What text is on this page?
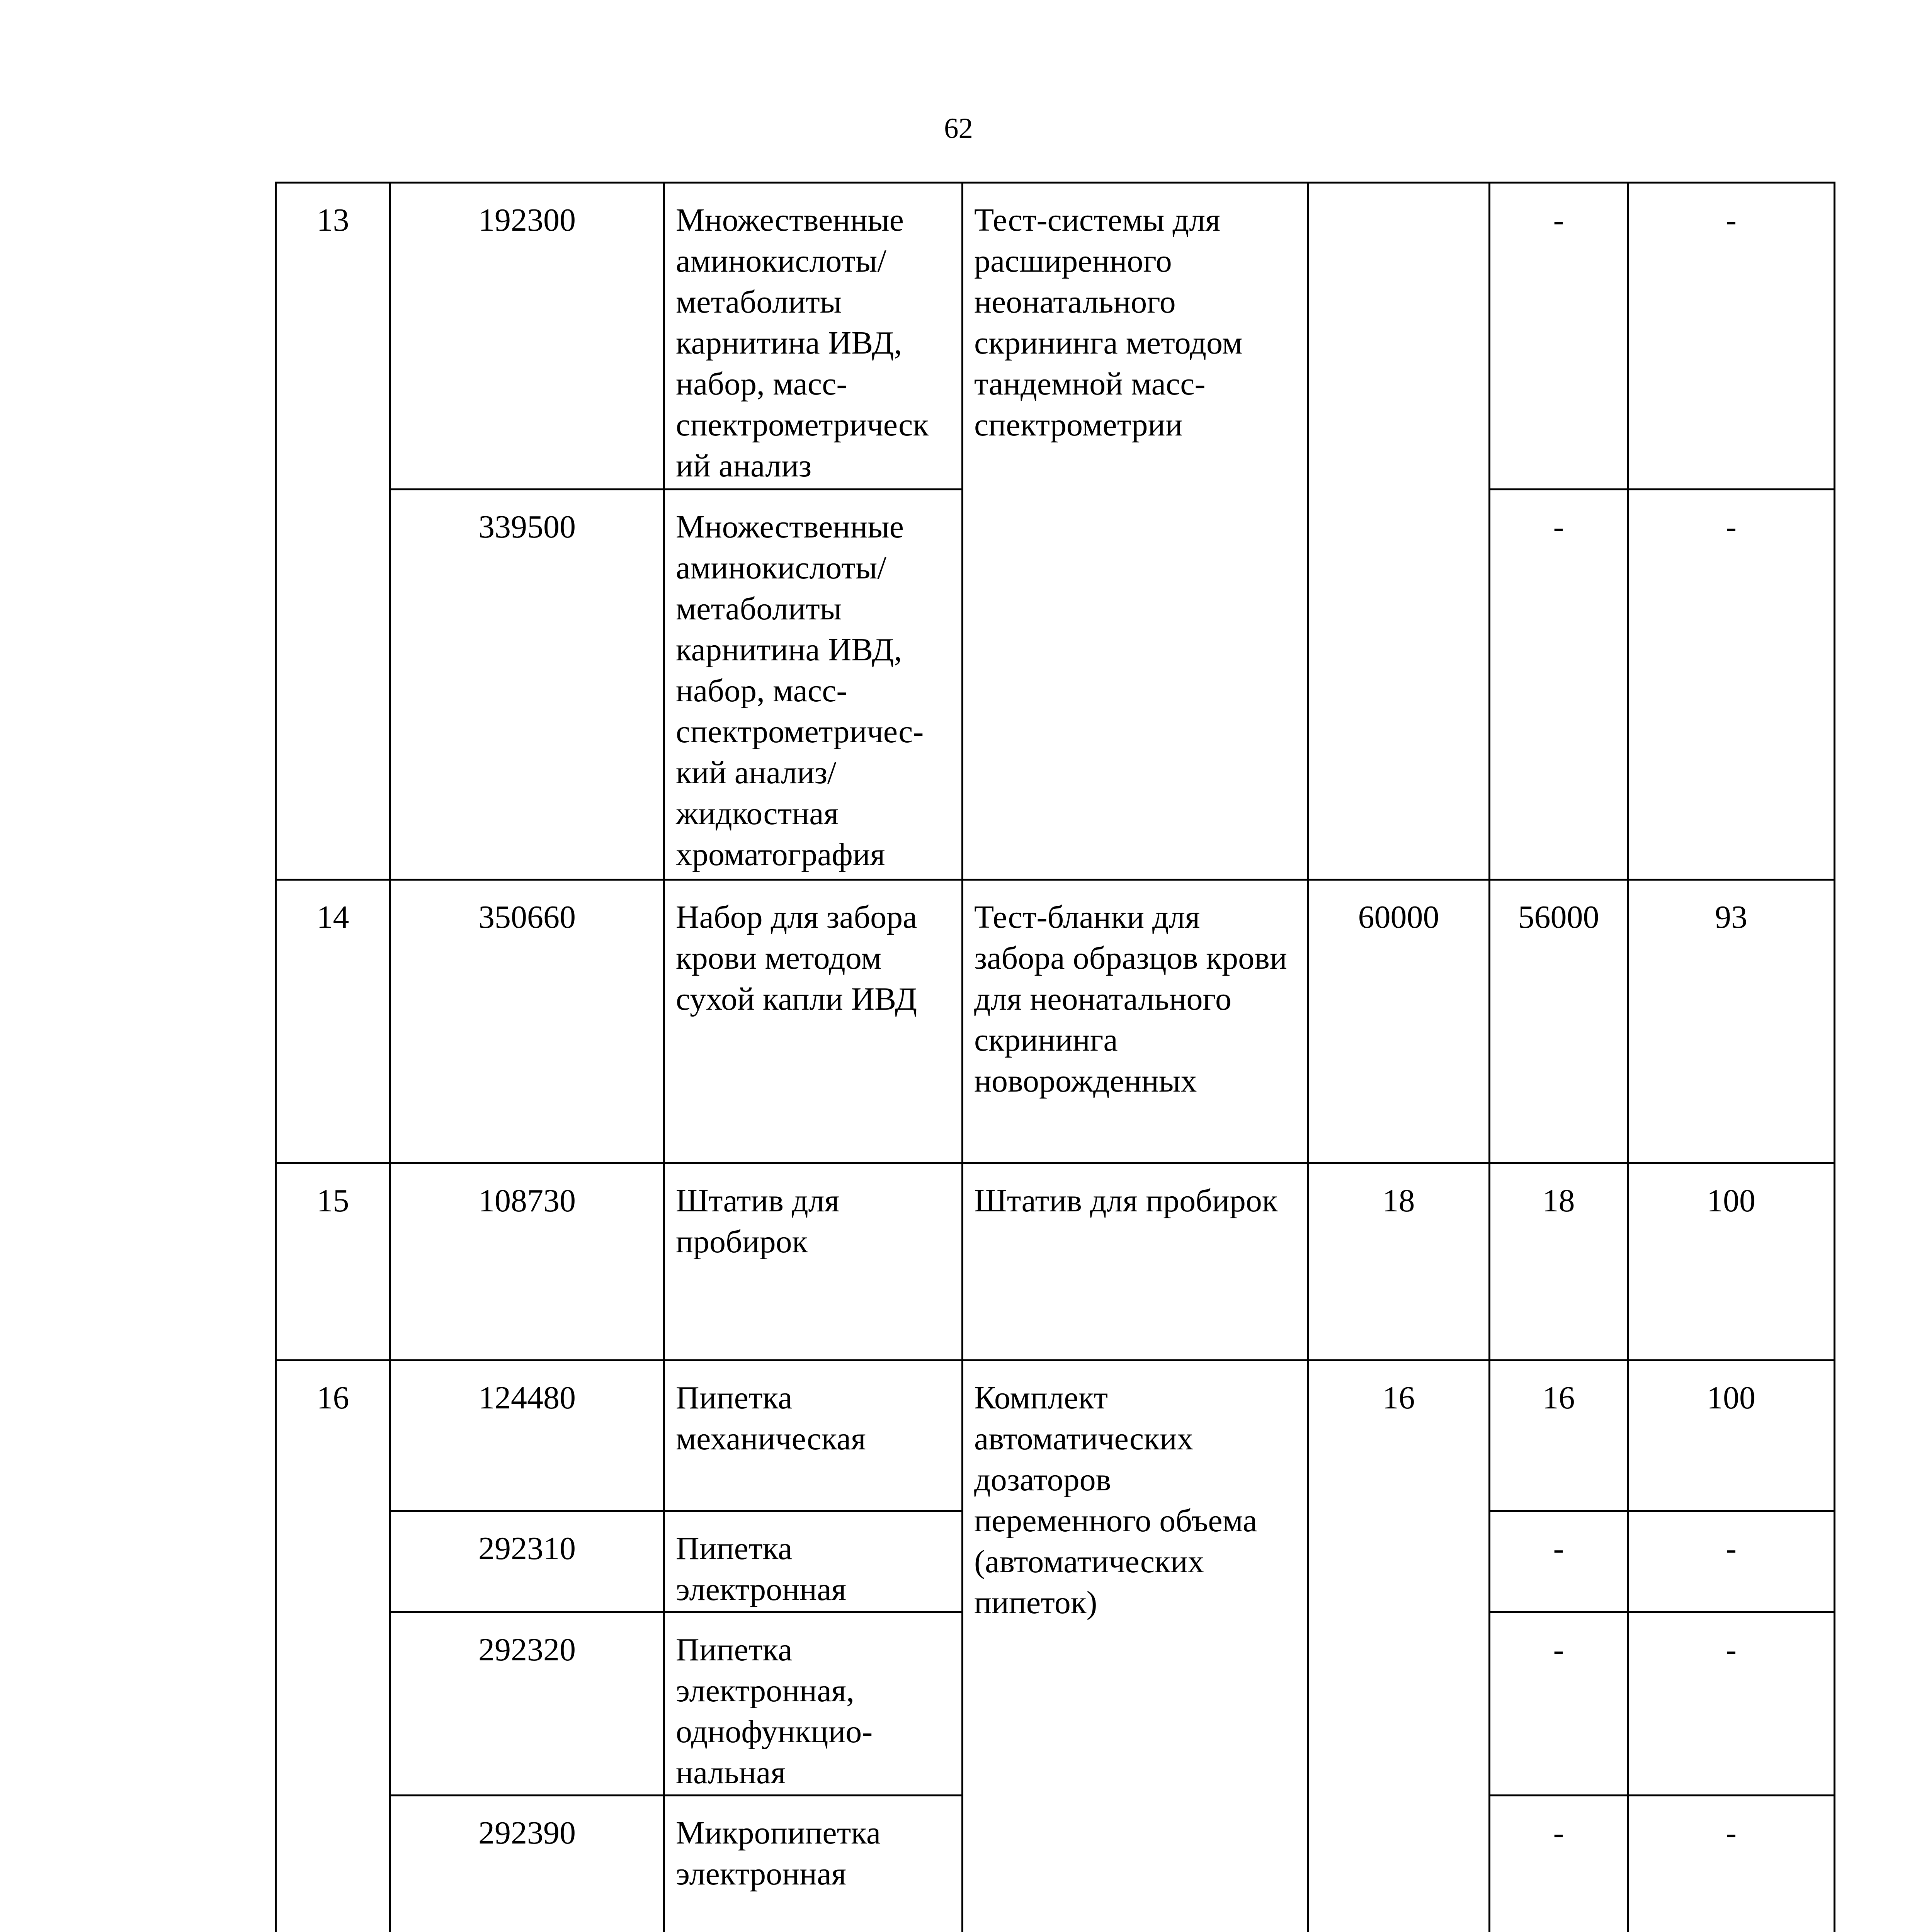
62
13	192300	Множественные аминокислоты/ метаболиты карнитина ИВД, набор, масс-спектрометрическ ий анализ	Тест-системы для расширенного неонатального скрининга методом тандемной масс-спектрометрии		-	-
	339500	Множественные аминокислоты/ метаболиты карнитина ИВД, набор, масс-спектрометричес-кий анализ/ жидкостная хроматография			-	-
14	350660	Набор для забора крови методом сухой капли ИВД	Тест-бланки для забора образцов крови для неонатального скрининга новорожденных	60000	56000	93
15	108730	Штатив для пробирок	Штатив для пробирок	18	18	100
16	124480	Пипетка механическая	Комплект автоматических дозаторов переменного объема (автоматических пипеток)	16	16	100
	292310	Пипетка электронная			-	-
	292320	Пипетка электронная, однофункцио-нальная			-	-
	292390	Микропипетка электронная			-	-
